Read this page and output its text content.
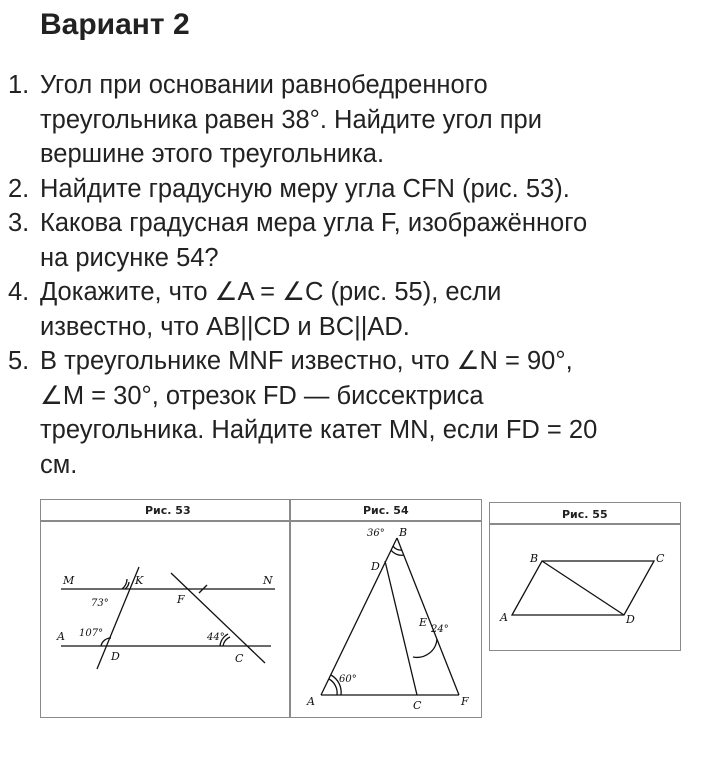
Вариант 2
1. Угол при основании равнобедренного
треугольника равен 38°. Найдите угол при
вершине этого треугольника.
2. Найдите градусную меру угла CFN (рис. 53).
3. Какова градусная мера угла F, изображённого
на рисунке 54?
4. Докажите, что ∠A = ∠C (рис. 55), если
известно, что AB||CD и BC||AD.
5. В треугольнике MNF известно, что ∠N = 90°,
∠M = 30°, отрезок FD — биссектриса
треугольника. Найдите катет MN, если FD = 20
см.
Рис. 53	Рис. 54
M	K	N
F
A
D	C
73°
107°	44°
36° B
D
E
24°
60°
A	C	F
Рис. 55
B	C
A	D
